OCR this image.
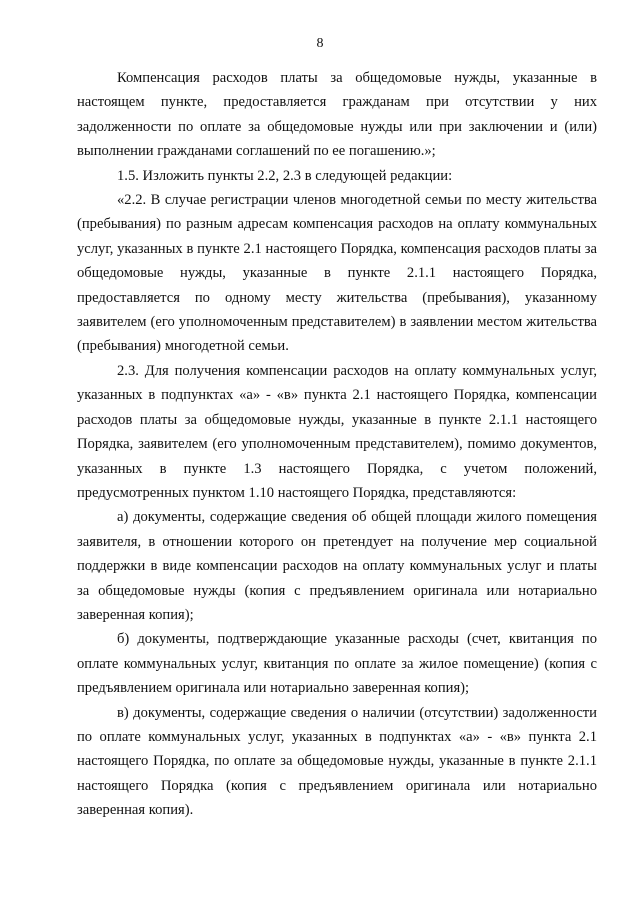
8

Компенсация расходов платы за общедомовые нужды, указанные в настоящем пункте, предоставляется гражданам при отсутствии у них задолженности по оплате за общедомовые нужды или при заключении и (или) выполнении гражданами соглашений по ее погашению.»;

1.5. Изложить пункты 2.2, 2.3 в следующей редакции:

«2.2. В случае регистрации членов многодетной семьи по месту жительства (пребывания) по разным адресам компенсация расходов на оплату коммунальных услуг, указанных в пункте 2.1 настоящего Порядка, компенсация расходов платы за общедомовые нужды, указанные в пункте 2.1.1 настоящего Порядка, предоставляется по одному месту жительства (пребывания), указанному заявителем (его уполномоченным представителем) в заявлении местом жительства (пребывания) многодетной семьи.

2.3. Для получения компенсации расходов на оплату коммунальных услуг, указанных в подпунктах «а» - «в» пункта 2.1 настоящего Порядка, компенсации расходов платы за общедомовые нужды, указанные в пункте 2.1.1 настоящего Порядка, заявителем (его уполномоченным представителем), помимо документов, указанных в пункте 1.3 настоящего Порядка, с учетом положений, предусмотренных пунктом 1.10 настоящего Порядка, представляются:

а) документы, содержащие сведения об общей площади жилого помещения заявителя, в отношении которого он претендует на получение мер социальной поддержки в виде компенсации расходов на оплату коммунальных услуг и платы за общедомовые нужды (копия с предъявлением оригинала или нотариально заверенная копия);

б) документы, подтверждающие указанные расходы (счет, квитанция по оплате коммунальных услуг, квитанция по оплате за жилое помещение) (копия с предъявлением оригинала или нотариально заверенная копия);

в) документы, содержащие сведения о наличии (отсутствии) задолженности по оплате коммунальных услуг, указанных в подпунктах «а» - «в» пункта 2.1 настоящего Порядка, по оплате за общедомовые нужды, указанные в пункте 2.1.1 настоящего Порядка (копия с предъявлением оригинала или нотариально заверенная копия).
